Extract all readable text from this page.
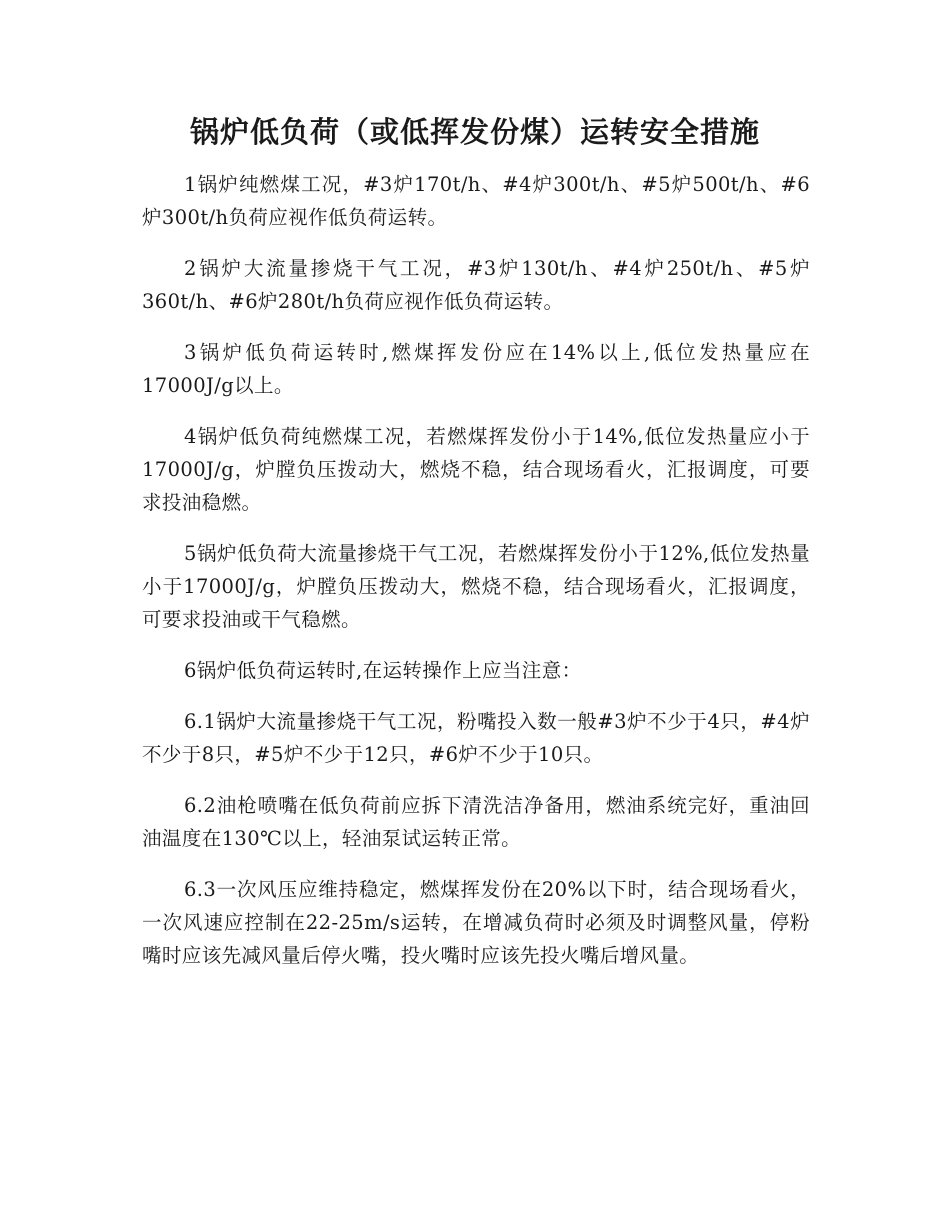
锅炉低负荷（或低挥发份煤）运转安全措施

1锅炉纯燃煤工况，#3炉170t/h、#4炉300t/h、#5炉500t/h、#6炉300t/h负荷应视作低负荷运转。

2锅炉大流量掺烧干气工况，#3炉130t/h、#4炉250t/h、#5炉360t/h、#6炉280t/h负荷应视作低负荷运转。

3锅炉低负荷运转时,燃煤挥发份应在14%以上,低位发热量应在17000J/g以上。

4锅炉低负荷纯燃煤工况，若燃煤挥发份小于14%,低位发热量应小于17000J/g，炉膛负压拨动大，燃烧不稳，结合现场看火，汇报调度，可要求投油稳燃。

5锅炉低负荷大流量掺烧干气工况，若燃煤挥发份小于12%,低位发热量小于17000J/g，炉膛负压拨动大，燃烧不稳，结合现场看火，汇报调度，可要求投油或干气稳燃。

6锅炉低负荷运转时,在运转操作上应当注意：

6.1锅炉大流量掺烧干气工况，粉嘴投入数一般#3炉不少于4只，#4炉不少于8只，#5炉不少于12只，#6炉不少于10只。

6.2油枪喷嘴在低负荷前应拆下清洗洁净备用，燃油系统完好，重油回油温度在130℃以上，轻油泵试运转正常。

6.3一次风压应维持稳定，燃煤挥发份在20%以下时，结合现场看火，一次风速应控制在22-25m/s运转，在增减负荷时必须及时调整风量，停粉嘴时应该先减风量后停火嘴，投火嘴时应该先投火嘴后增风量。
